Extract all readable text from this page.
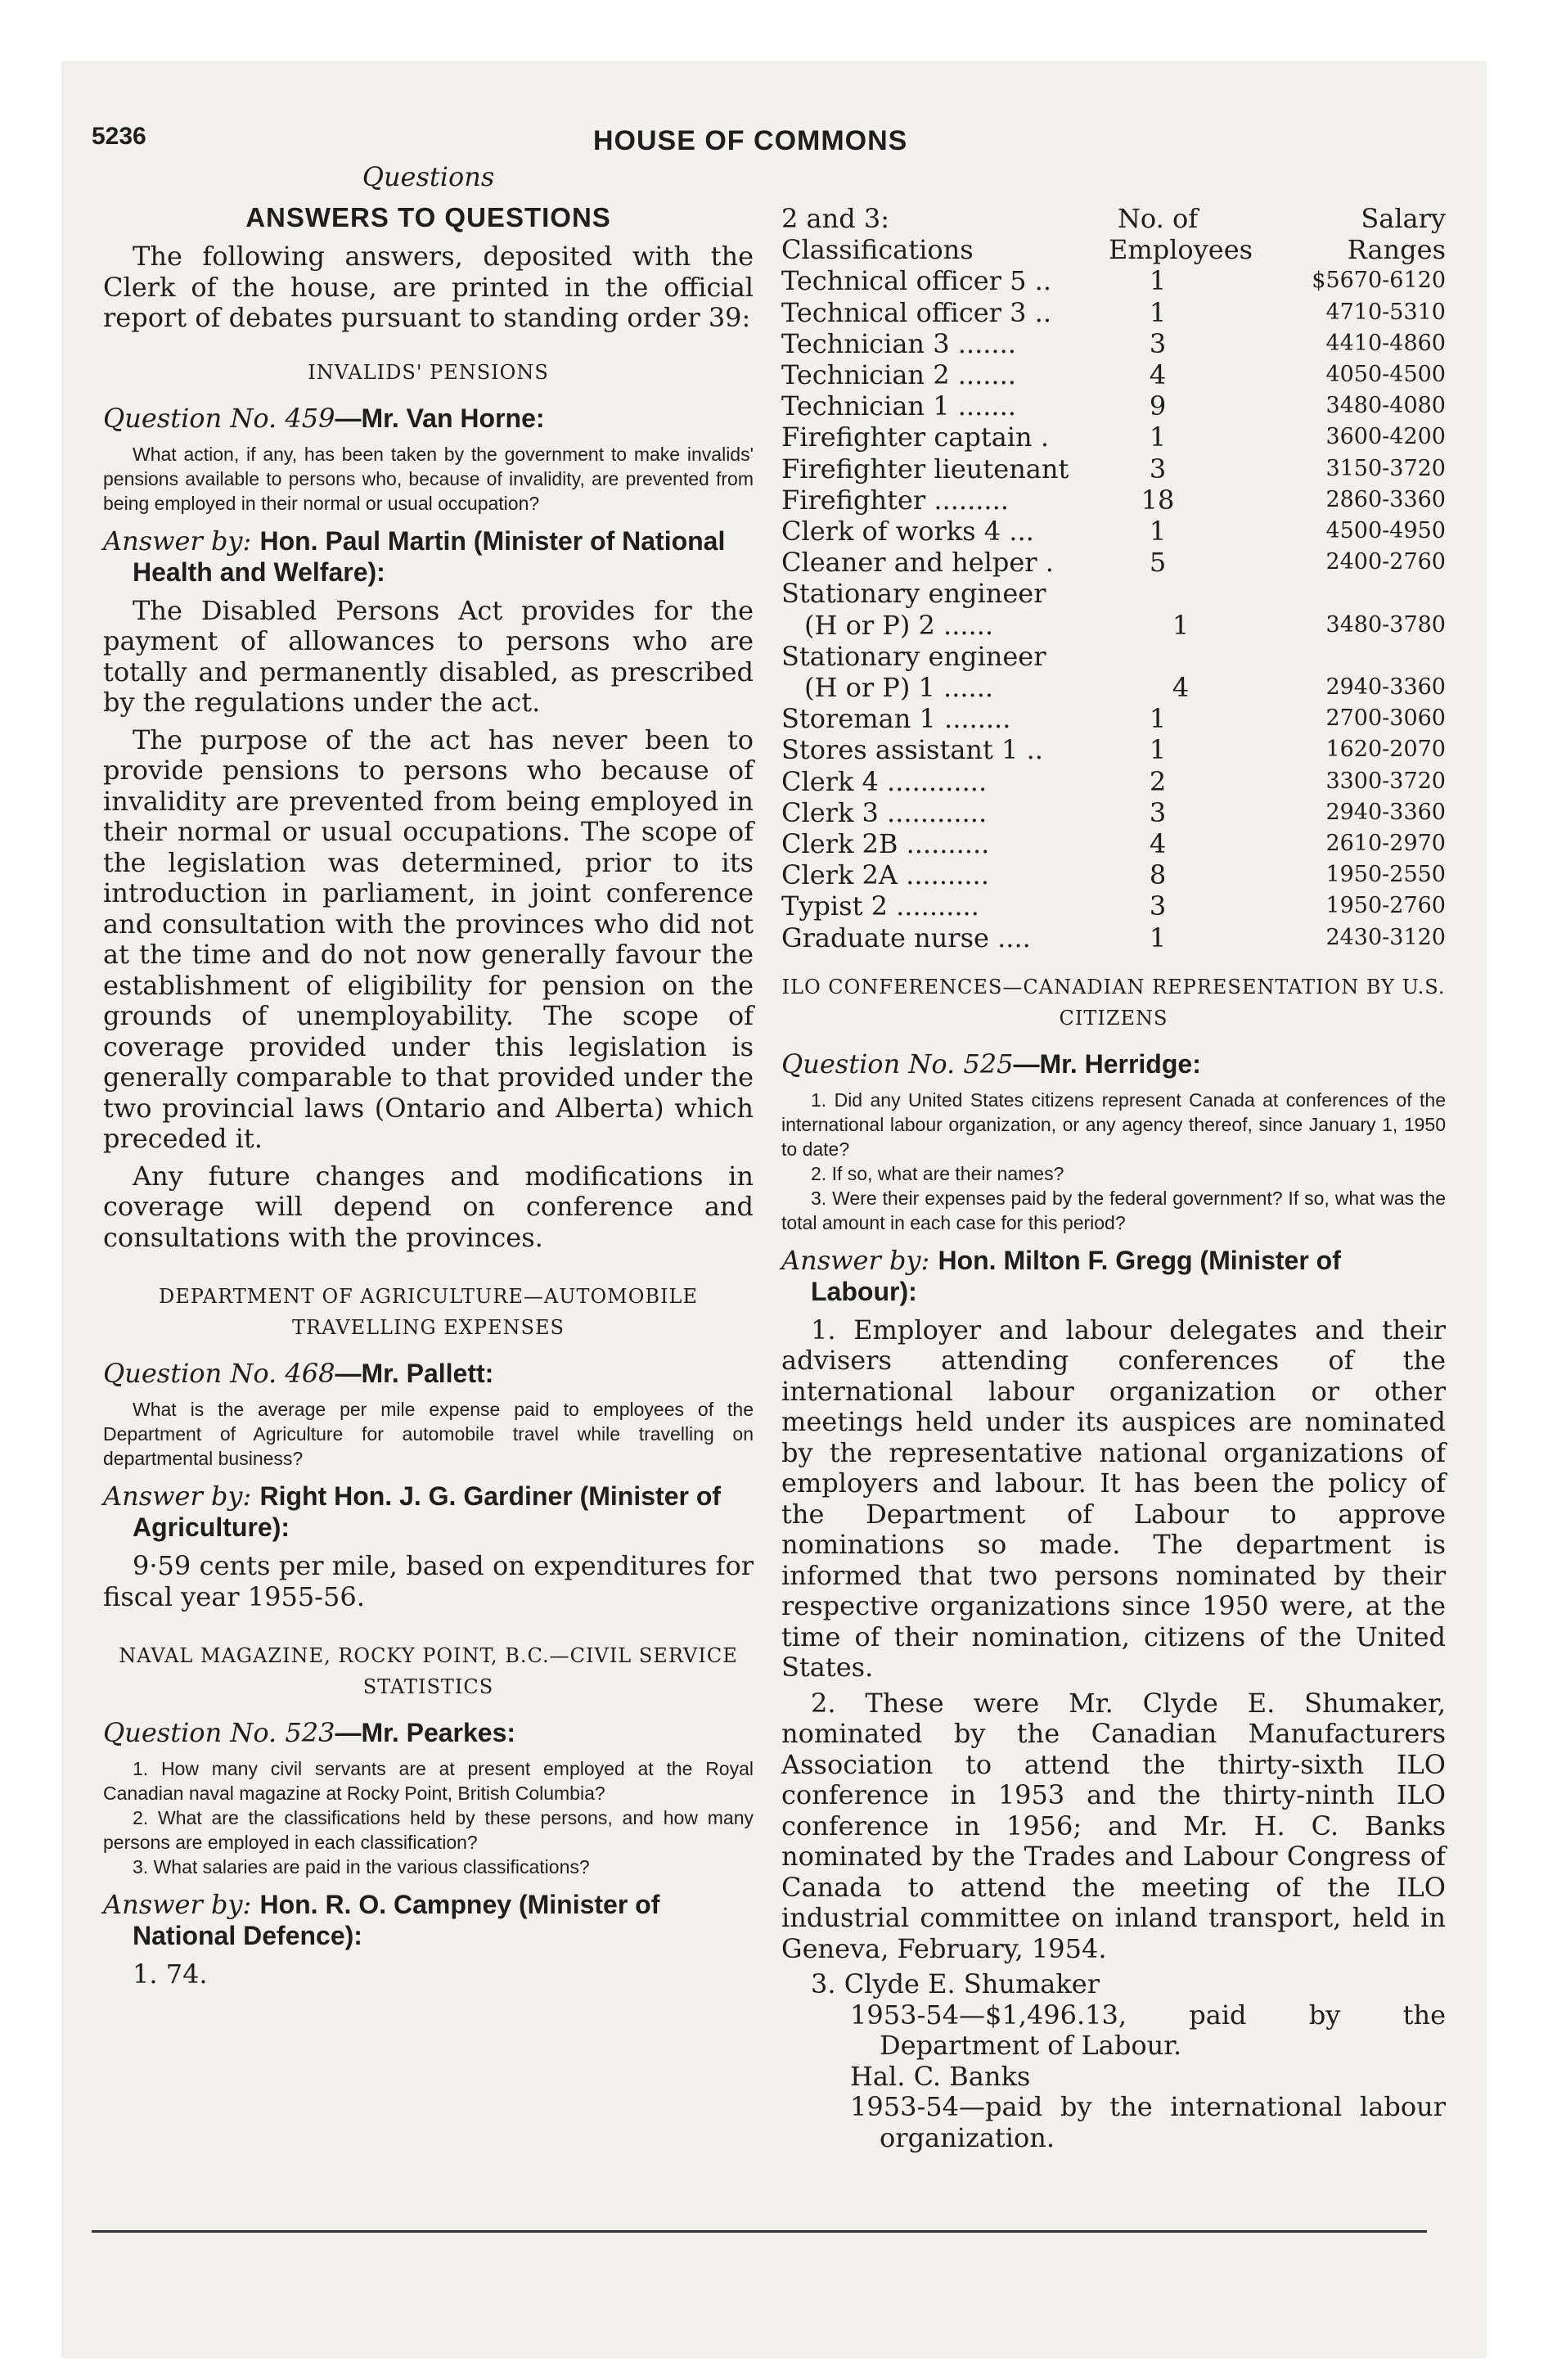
5236	HOUSE OF COMMONS
Questions
ANSWERS TO QUESTIONS

The following answers, deposited with the Clerk of the house, are printed in the official report of debates pursuant to standing order 39:

INVALIDS' PENSIONS
Question No. 459—Mr. Van Horne:

What action, if any, has been taken by the government to make invalids' pensions available to persons who, because of invalidity, are prevented from being employed in their normal or usual occupation?

Answer by: Hon. Paul Martin (Minister of National Health and Welfare):

The Disabled Persons Act provides for the payment of allowances to persons who are totally and permanently disabled, as prescribed by the regulations under the act.

The purpose of the act has never been to provide pensions to persons who because of invalidity are prevented from being employed in their normal or usual occupations. The scope of the legislation was determined, prior to its introduction in parliament, in joint conference and consultation with the provinces who did not at the time and do not now generally favour the establishment of eligibility for pension on the grounds of unemployability. The scope of coverage provided under this legislation is generally comparable to that provided under the two provincial laws (Ontario and Alberta) which preceded it.

Any future changes and modifications in coverage will depend on conference and consultations with the provinces.

DEPARTMENT OF AGRICULTURE—AUTOMOBILE TRAVELLING EXPENSES
Question No. 468—Mr. Pallett:

What is the average per mile expense paid to employees of the Department of Agriculture for automobile travel while travelling on departmental business?

Answer by: Right Hon. J. G. Gardiner (Minister of Agriculture):

9·59 cents per mile, based on expenditures for fiscal year 1955-56.

NAVAL MAGAZINE, ROCKY POINT, B.C.—CIVIL SERVICE STATISTICS
Question No. 523—Mr. Pearkes:

1. How many civil servants are at present employed at the Royal Canadian naval magazine at Rocky Point, British Columbia?

2. What are the classifications held by these persons, and how many persons are employed in each classification?

3. What salaries are paid in the various classifications?

Answer by: Hon. R. O. Campney (Minister of National Defence):

1. 74.

2 and 3:	No. of	Salary
Classifications	Employees	Ranges
Technical officer 5 ..	1	$5670-6120
Technical officer 3 ..	1	4710-5310
Technician 3 .......	3	4410-4860
Technician 2 .......	4	4050-4500
Technician 1 .......	9	3480-4080
Firefighter captain .	1	3600-4200
Firefighter lieutenant	3	3150-3720
Firefighter .........	18	2860-3360
Clerk of works 4 ...	1	4500-4950
Cleaner and helper .	5	2400-2760
Stationary engineer
(H or P) 2 ......	1	3480-3780
Stationary engineer
(H or P) 1 ......	4	2940-3360
Storeman 1 ........	1	2700-3060
Stores assistant 1 ..	1	1620-2070
Clerk 4 ............	2	3300-3720
Clerk 3 ............	3	2940-3360
Clerk 2B ..........	4	2610-2970
Clerk 2A ..........	8	1950-2550
Typist 2 ..........	3	1950-2760
Graduate nurse ....	1	2430-3120
ILO CONFERENCES—CANADIAN REPRESENTATION BY U.S. CITIZENS
Question No. 525—Mr. Herridge:

1. Did any United States citizens represent Canada at conferences of the international labour organization, or any agency thereof, since January 1, 1950 to date?

2. If so, what are their names?

3. Were their expenses paid by the federal government? If so, what was the total amount in each case for this period?

Answer by: Hon. Milton F. Gregg (Minister of Labour):

1. Employer and labour delegates and their advisers attending conferences of the international labour organization or other meetings held under its auspices are nominated by the representative national organizations of employers and labour. It has been the policy of the Department of Labour to approve nominations so made. The department is informed that two persons nominated by their respective organizations since 1950 were, at the time of their nomination, citizens of the United States.

2. These were Mr. Clyde E. Shumaker, nominated by the Canadian Manufacturers Association to attend the thirty-sixth ILO conference in 1953 and the thirty-ninth ILO conference in 1956; and Mr. H. C. Banks nominated by the Trades and Labour Congress of Canada to attend the meeting of the ILO industrial committee on inland transport, held in Geneva, February, 1954.

3. Clyde E. Shumaker

1953-54—$1,496.13, paid by the Department of Labour.

Hal. C. Banks

1953-54—paid by the international labour organization.
